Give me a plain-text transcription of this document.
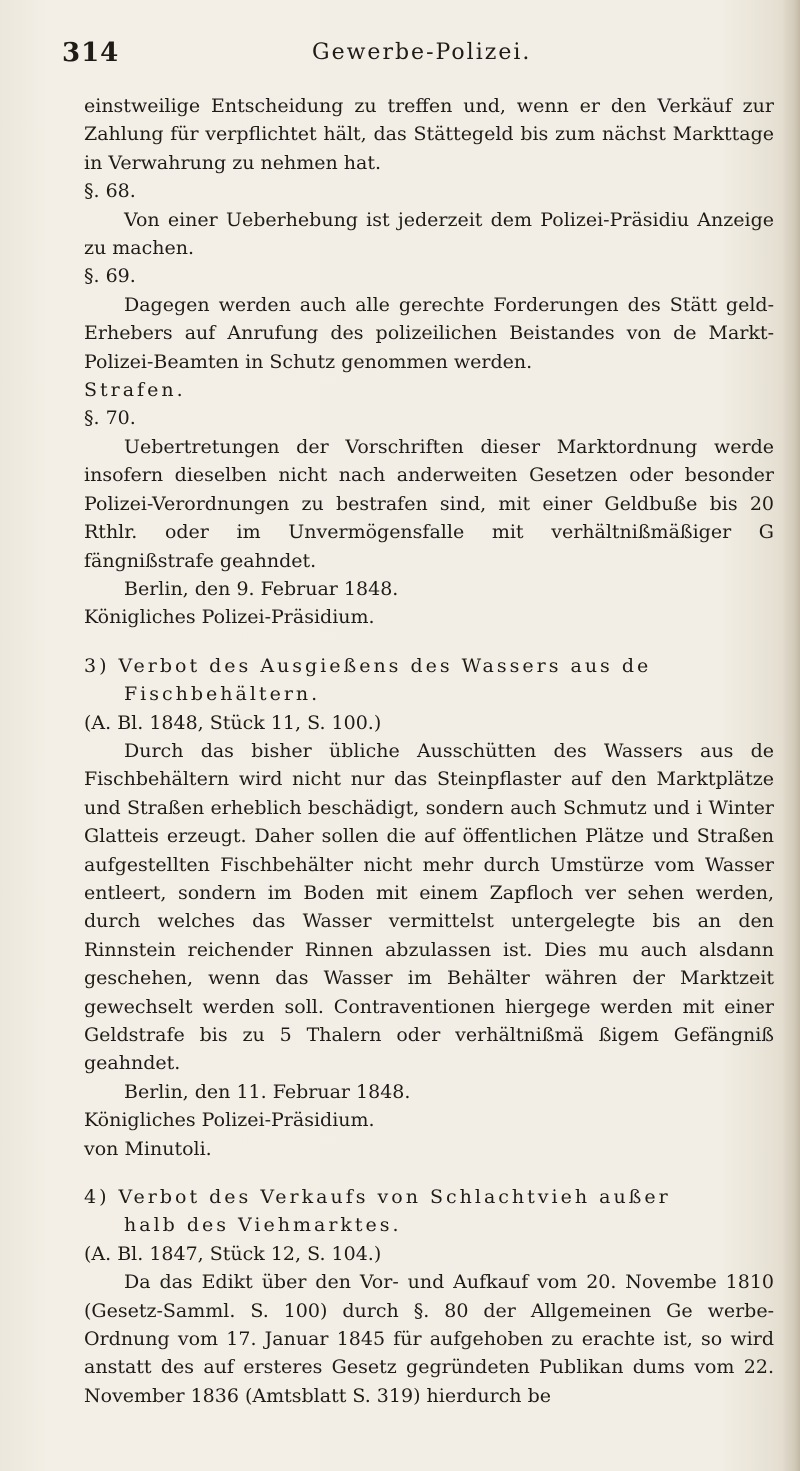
314	Gewerbe-Polizei.

einstweilige Entscheidung zu treffen und, wenn er den Verkäuf zur Zahlung für verpflichtet hält, das Stättegeld bis zum nächst Markttage in Verwahrung zu nehmen hat.

§. 68.

Von einer Ueberhebung ist jederzeit dem Polizei-Präsidiu Anzeige zu machen.

§. 69.

Dagegen werden auch alle gerechte Forderungen des Stätt geld-Erhebers auf Anrufung des polizeilichen Beistandes von de Markt-Polizei-Beamten in Schutz genommen werden.

Strafen.

§. 70.

Uebertretungen der Vorschriften dieser Marktordnung werde insofern dieselben nicht nach anderweiten Gesetzen oder besonder Polizei-Verordnungen zu bestrafen sind, mit einer Geldbuße bis 20 Rthlr. oder im Unvermögensfalle mit verhältnißmäßiger G fängnißstrafe geahndet.

Berlin, den 9. Februar 1848.

Königliches Polizei-Präsidium.

3) Verbot des Ausgießens des Wassers aus de

Fischbehältern.

(A. Bl. 1848, Stück 11, S. 100.)

Durch das bisher übliche Ausschütten des Wassers aus de Fischbehältern wird nicht nur das Steinpflaster auf den Marktplätze und Straßen erheblich beschädigt, sondern auch Schmutz und i Winter Glatteis erzeugt. Daher sollen die auf öffentlichen Plätze und Straßen aufgestellten Fischbehälter nicht mehr durch Umstürze vom Wasser entleert, sondern im Boden mit einem Zapfloch ver sehen werden, durch welches das Wasser vermittelst untergelegte bis an den Rinnstein reichender Rinnen abzulassen ist. Dies mu auch alsdann geschehen, wenn das Wasser im Behälter währen der Marktzeit gewechselt werden soll. Contraventionen hiergege werden mit einer Geldstrafe bis zu 5 Thalern oder verhältnißmä ßigem Gefängniß geahndet.

Berlin, den 11. Februar 1848.

Königliches Polizei-Präsidium.

von Minutoli.

4) Verbot des Verkaufs von Schlachtvieh außer

halb des Viehmarktes.

(A. Bl. 1847, Stück 12, S. 104.)

Da das Edikt über den Vor- und Aufkauf vom 20. Novembe 1810 (Gesetz-Samml. S. 100) durch §. 80 der Allgemeinen Ge werbe-Ordnung vom 17. Januar 1845 für aufgehoben zu erachte ist, so wird anstatt des auf ersteres Gesetz gegründeten Publikan dums vom 22. November 1836 (Amtsblatt S. 319) hierdurch be
